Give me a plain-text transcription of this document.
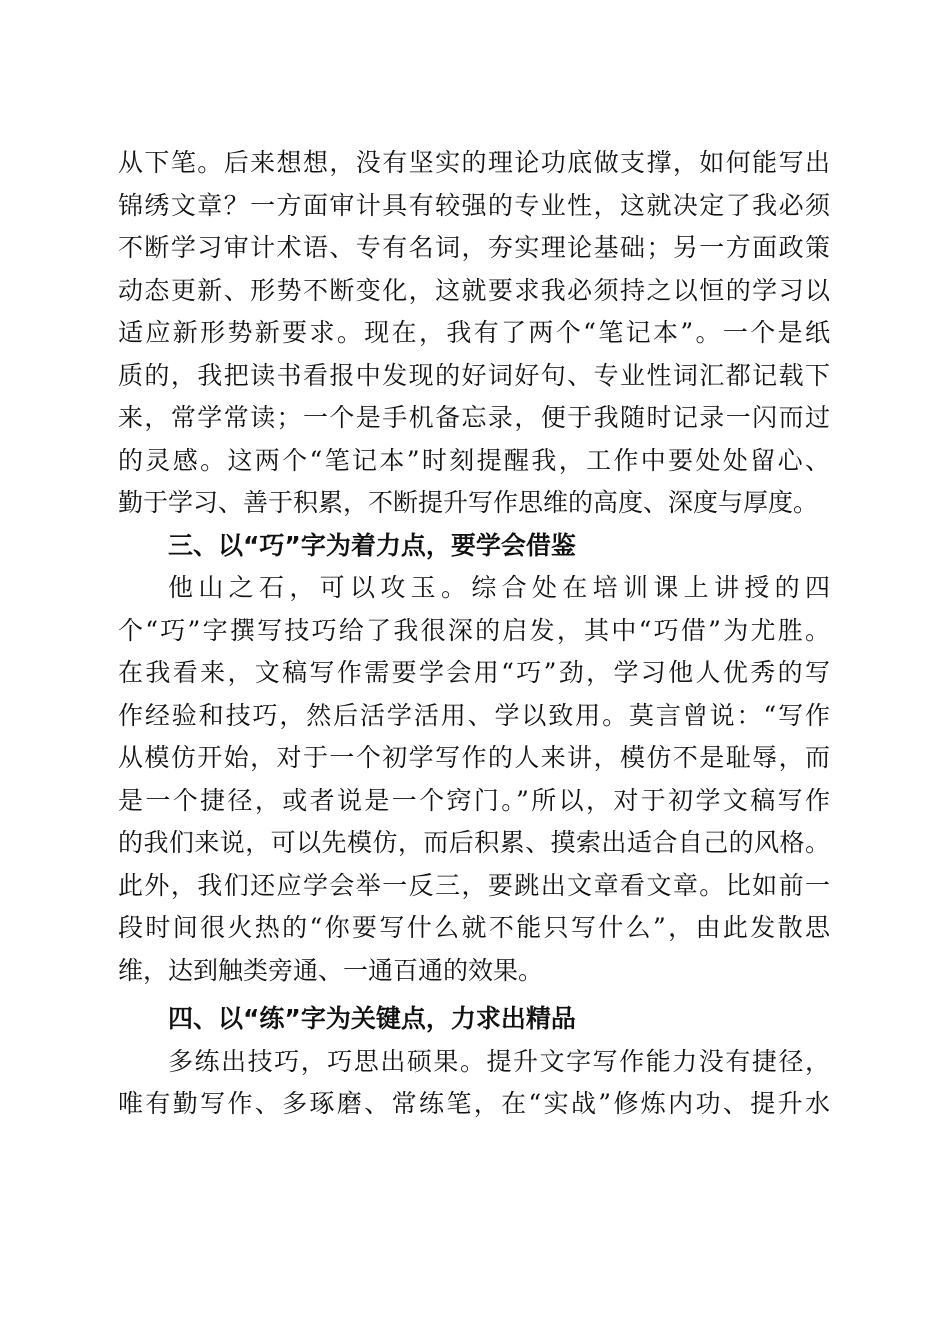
从下笔。后来想想，没有坚实的理论功底做支撑，如何能写出
锦绣文章？一方面审计具有较强的专业性，这就决定了我必须
不断学习审计术语、专有名词，夯实理论基础；另一方面政策
动态更新、形势不断变化，这就要求我必须持之以恒的学习以
适应新形势新要求。现在，我有了两个“笔记本”。一个是纸
质的，我把读书看报中发现的好词好句、专业性词汇都记载下
来，常学常读；一个是手机备忘录，便于我随时记录一闪而过
的灵感。这两个“笔记本”时刻提醒我，工作中要处处留心、
勤于学习、善于积累，不断提升写作思维的高度、深度与厚度。
三、以“巧”字为着力点，要学会借鉴
他山之石，可以攻玉。综合处在培训课上讲授的四
个“巧”字撰写技巧给了我很深的启发，其中“巧借”为尤胜。
在我看来，文稿写作需要学会用“巧”劲，学习他人优秀的写
作经验和技巧，然后活学活用、学以致用。莫言曾说：“写作
从模仿开始，对于一个初学写作的人来讲，模仿不是耻辱，而
是一个捷径，或者说是一个窍门。”所以，对于初学文稿写作
的我们来说，可以先模仿，而后积累、摸索出适合自己的风格。
此外，我们还应学会举一反三，要跳出文章看文章。比如前一
段时间很火热的“你要写什么就不能只写什么”，由此发散思
维，达到触类旁通、一通百通的效果。
四、以“练”字为关键点，力求出精品
多练出技巧，巧思出硕果。提升文字写作能力没有捷径，
唯有勤写作、多琢磨、常练笔，在“实战”修炼内功、提升水
